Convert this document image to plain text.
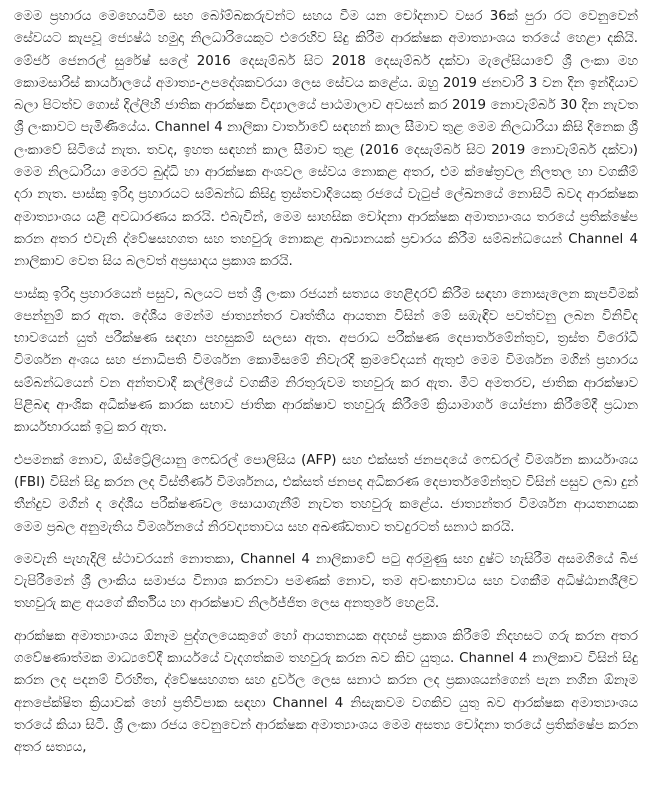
මෙම ප්‍රහාරය මෙහෙයවීම සහ බෝම්බකරුවන්ට සහය වීම යන චෝදනාව වසර 36ක් පුරා රට වෙනුවෙන් සේවයට කැපවූ ජ්‍යෙෂ්ඨ හමුදා නිලධාරියෙකුට එරෙහිව සිදු කිරීම ආරක්ෂක අමාත්‍යාංශය තරයේ හෙළා දකියි. මේජර් ජෙනරල් සුරේෂ් සලේ 2016 දෙසැම්බර් සිට 2018 දෙසැම්බර් දක්වා මැලේසියාවේ ශ්‍රී ලංකා මහ කොමසාරිස් කාර්යාලයේ අමාත්‍ය-උපදේශකවරයා ලෙස සේවය කළේය. ඔහු 2019 ජනවාරි 3 වන දින ඉන්දියාව බලා පිටත්ව ගොස් දිල්ලිහි ජාතික ආරක්ෂක විද්‍යාලයේ පාඨමාලාව අවසන් කර 2019 නොවැම්බර් 30 දින නැවත ශ්‍රී ලංකාවට පැමිණියේය. Channel 4 නාලිකා වාර්තාවේ සඳහන් කාල සීමාව තුළ මෙම නිලධාරියා කිසි දිනෙක ශ්‍රී ලංකාවේ සිටියේ නැත. තවද, ඉහත සඳහන් කාල සීමාව තුළ (2016 දෙසැම්බර් සිට 2019 නොවැම්බර් දක්වා) මෙම නිලධාරියා මෙරට බුද්ධි හා ආරක්ෂක අංශවල සේවය නොකළ අතර, එම ක්ෂේත්‍රවල නිලතල හා වගකීම් දරා නැත. පාස්කු ඉරිදා ප්‍රහාරයට සම්බන්ධ කිසිදු ත්‍රස්තවාදියෙකු රජයේ වැටුප් ලේඛනයේ නොසිටි බවද ආරක්ෂක අමාත්‍යාංශය යළි අවධාරණය කරයි. එබැවින්, මෙම සාහසික චෝදනා ආරක්ෂක අමාත්‍යාංශය තරයේ ප්‍රතික්ෂේප කරන අතර එවැනි ද්වේෂසහගත සහ තහවුරු නොකළ ආඛ්‍යානයක් ප්‍රචාරය කිරීම සම්බන්ධයෙන් Channel 4 නාලිකාව වෙත සිය බලවත් අප්‍රසාදය ප්‍රකාශ කරයි.

පාස්කු ඉරිදා ප්‍රහාරයෙන් පසුව, බලයට පත් ශ්‍රී ලංකා රජයන් සත්‍යය හෙළිදරව් කිරීම සඳහා නොසැලෙන කැපවීමක් පෙන්නුම් කර ඇත. දේශීය මෙන්ම ජාත්‍යන්තර වෘත්තීය ආයතන විසින් මේ සඹැඳිව පවත්වනු ලබන විනිවිද භාවයෙන් යුත් පරීක්ෂණ සඳහා පහසුකම් සලසා ඇත. අපරාධ පරීක්ෂණ දෙපාර්තමේන්තුව, ත්‍රස්ත විරෝධී විමර්ශන අංශය සහ ජනාධිපති විමර්ශන කොමිසමේ නිවැරදි ක්‍රමවේදයන් ඇතුළු මෙම විමර්ශන මගින් ප්‍රහාරය සම්බන්ධයෙන් වන අන්තවාදී කල්ලියේ වගකීම නිරතුරුවම තහවුරු කර ඇත. මීට අමතරව, ජාතික ආරක්ෂාව පිළිබඳ ආංශික අධීක්ෂණ කාරක සභාව ජාතික ආරක්ෂාව තහවුරු කිරීමේ ක්‍රියාමාර්ග යෝජනා කිරීමේදී ප්‍රධාන කාර්යභාරයක් ඉටු කර ඇත.

එපමනක් නොව, ඕස්ට්‍රේලියානු ෆෙඩරල් පොලිසිය (AFP) සහ එක්සත් ජනපදයේ ෆෙඩරල් විමර්ශන කාර්යාංශය (FBI) විසින් සිදු කරන ලද විස්තීර්ණ විමර්ශනය, එක්සත් ජනපද අධිකරණ දෙපාර්තමේන්තුව විසින් පසුව ලබා දුන් තීන්දුව මගින් ද දේශීය පරීක්ෂණවල සොයාගැනීම් නැවත තහවුරු කළේය. ජාත්‍යන්තර විමර්ශන ආයතනයක මෙම ප්‍රබල අනුමැතිය විමර්ශනයේ නිරවද්‍යතාවය සහ අඛණ්ඩතාව තවදුරටත් සනාථ කරයි.

මෙවැනි පැහැදිලි ස්ථාවරයන් නොතකා, Channel 4 නාලිකාවේ පටු අරමුණු සහ දුෂ්ට හැසිරීම අසමගියේ බීජ වැපිරීමෙන් ශ්‍රී ලාංකිය සමාජය විනාශ කරනවා පමණක් නොව, තම අවංකභාවය සහ වගකීම අධිෂ්ඨානශීලීව තහවුරු කළ අයගේ කීර්තිය හා ආරක්ෂාව නිර්ලජ්ජිත ලෙස අනතුරේ හෙළයි.

ආරක්ෂක අමාත්‍යාංශය ඕනෑම පුද්ගලයෙකුගේ හෝ ආයතනයක අදහස් ප්‍රකාශ කිරීමේ නිදහසට ගරු කරන අතර ගවේෂණාත්මක මාධ්‍යවේදී කාර්යයේ වැදගත්කම තහවුරු කරන බව කිව යුතුය. Channel 4 නාලිකාව විසින් සිදු කරන ලද පදනම් විරහිත, ද්වේෂසහගත සහ දුර්වල ලෙස සනාථ කරන ලද ප්‍රකාශයන්ගෙන් පැන නගින ඕනෑම අනපේක්ෂිත ක්‍රියාවක් හෝ ප්‍රතිවිපාක සඳහා Channel 4 නිසැකවම වගකිව යුතු බව ආරක්ෂක අමාත්‍යාංශය තරයේ කියා සිටී. ශ්‍රී ලංකා රජය වෙනුවෙන් ආරක්ෂක අමාත්‍යාංශය මෙම අසත්‍ය චෝදනා තරයේ ප්‍රතික්ෂේප කරන අතර සත්‍යය,
